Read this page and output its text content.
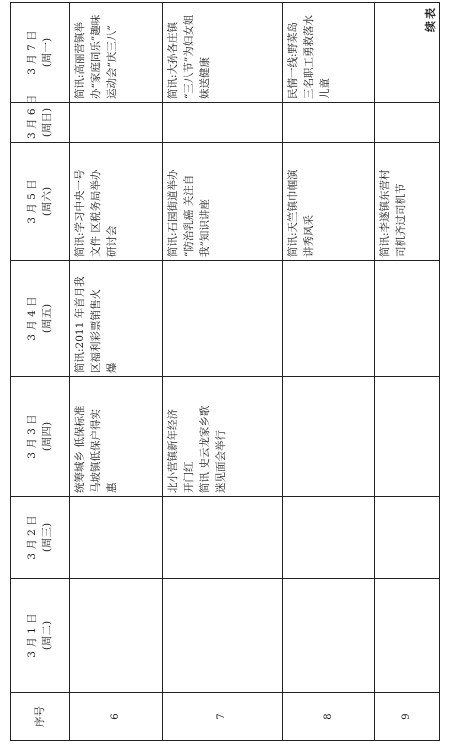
续表
序号	3 月 1 日 (周二)	3 月 2 日 (周三)	3 月 3 日 (周四)	3 月 4 日 (周五)	3 月 5 日 (周六)	3 月 6 日 (周日)	3 月 7 日 (周一)

6			统筹城乡 低保标准
马坡镇低保户得实
惠	简讯:2011 年首月我
区福利彩票销售火
爆	简讯:学习中央一号
文件 区税务局举办
研讨会		简讯:高丽营镇举
办“家庭同乐”趣味
运动会“庆三八”

7			北小营镇新年经济
开门红
简讯 史云龙家乡歌
迷见面会举行		简讯:石园街道举办
“防治乳癌 关注自
我”知识讲座		简讯:大孙各庄镇
“三八节”为妇女姐
妹送健康

8					简讯:天竺镇巾帼演
讲秀风采		民情一线:野菜岛
三名职工勇救落水
儿童

9					简讯:李遂镇东营村
司机齐过司机节		
